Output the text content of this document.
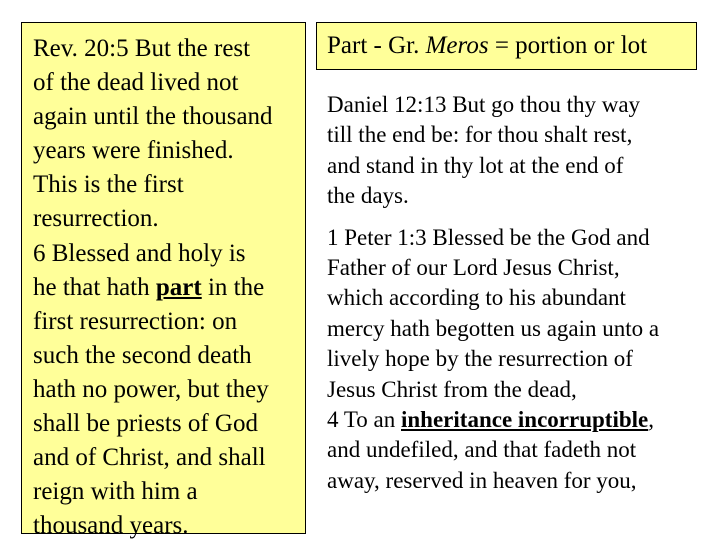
Rev. 20:5 But the rest
of the dead lived not
again until the thousand
years were finished.
This is the first
resurrection.
6 Blessed and holy is
he that hath part in the
first resurrection: on
such the second death
hath no power, but they
shall be priests of God
and of Christ, and shall
reign with him a
thousand years.
Part - Gr. Meros = portion or lot
Daniel 12:13 But go thou thy way
till the end be: for thou shalt rest,
and stand in thy lot at the end of
the days.
1 Peter 1:3 Blessed be the God and
Father of our Lord Jesus Christ,
which according to his abundant
mercy hath begotten us again unto a
lively hope by the resurrection of
Jesus Christ from the dead,
4 To an inheritance incorruptible,
and undefiled, and that fadeth not
away, reserved in heaven for you,
